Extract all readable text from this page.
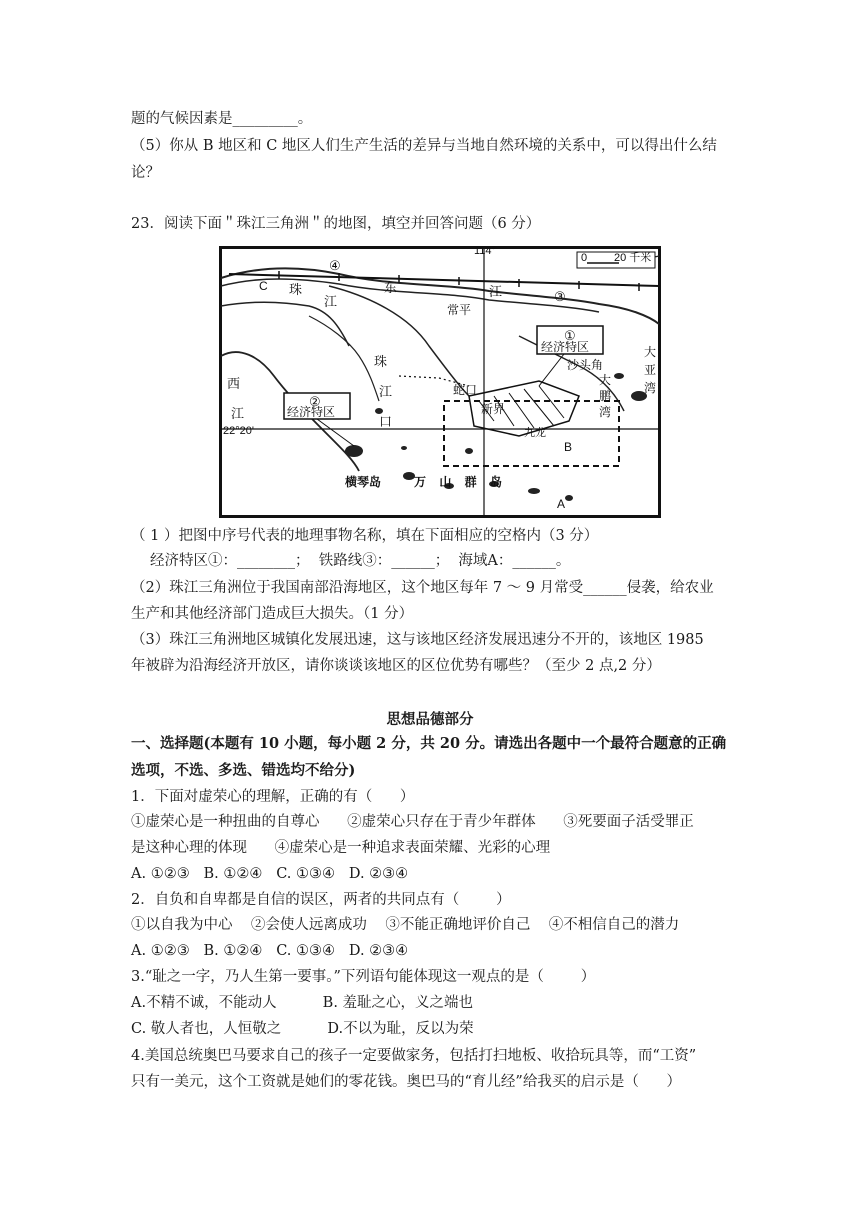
题的气候因素是_________。
（5）你从 B 地区和 C 地区人们生产生活的差异与当地自然环境的关系中，可以得出什么结
论？
23．阅读下面＂珠江三角洲＂的地图，填空并回答问题（6 分）
114°
0 20 千米
④
③
C 珠
江
东	江
常平
①
经济特区
珠
江
口
蛇口
沙头角
大
亚
湾
大
鹏
湾
新界
九龙
B
A
西
江
22°20'
②
经济特区
横琴岛	万    山    群    岛
（ 1 ）把图中序号代表的地理事物名称，填在下面相应的空格内（3 分）
经济特区①：________；  铁路线③：______；  海域A：______。
（2）珠江三角洲位于我国南部沿海地区，这个地区每年 7 ～ 9 月常受______侵袭，给农业
生产和其他经济部门造成巨大损失。（1 分）
（3）珠江三角洲地区城镇化发展迅速，这与该地区经济发展迅速分不开的，该地区 1985
年被辟为沿海经济开放区，请你谈谈该地区的区位优势有哪些？（至少 2 点,2 分）
思想品德部分
一、选择题(本题有 10 小题，每小题 2 分，共 20 分。请选出各题中一个最符合题意的正确
选项，不选、多选、错选均不给分)
1．下面对虚荣心的理解，正确的有（      ）
①虚荣心是一种扭曲的自尊心      ②虚荣心只存在于青少年群体      ③死要面子活受罪正
是这种心理的体现      ④虚荣心是一种追求表面荣耀、光彩的心理
A. ①②③   B. ①②④   C. ①③④   D. ②③④
2．自负和自卑都是自信的误区，两者的共同点有（        ）
①以自我为中心    ②会使人远离成功    ③不能正确地评价自己    ④不相信自己的潜力
A. ①②③   B. ①②④   C. ①③④   D. ②③④
3.“耻之一字，乃人生第一要事。”下列语句能体现这一观点的是（        ）
A.不精不诚，不能动人          B. 羞耻之心，义之端也
C. 敬人者也，人恒敬之          D.不以为耻，反以为荣
4.美国总统奥巴马要求自己的孩子一定要做家务，包括打扫地板、收拾玩具等，而“工资”
只有一美元，这个工资就是她们的零花钱。奥巴马的“育儿经”给我买的启示是（      ）
